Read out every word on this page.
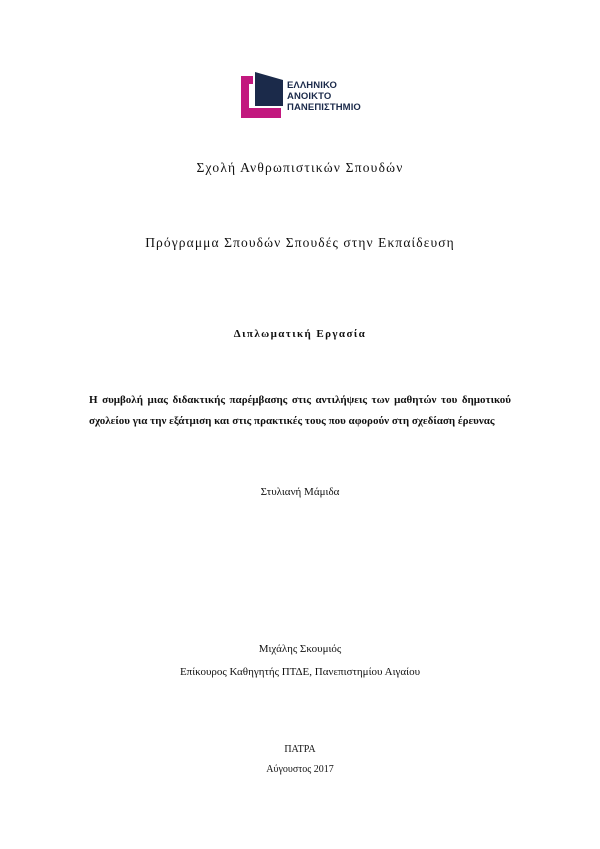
ΕΛΛΗΝΙΚΟ
ΑΝΟΙΚΤΟ
ΠΑΝΕΠΙΣΤΗΜΙΟ
Σχολή Ανθρωπιστικών Σπουδών
Πρόγραμμα Σπουδών Σπουδές στην Εκπαίδευση
Διπλωματική Εργασία
Η συμβολή μιας διδακτικής παρέμβασης στις αντιλήψεις των μαθητών του δημοτικού σχολείου για την εξάτμιση και στις πρακτικές τους που αφορούν στη σχεδίαση έρευνας
Στυλιανή Μάμιδα
Μιχάλης Σκουμιός
Επίκουρος Καθηγητής ΠΤΔΕ, Πανεπιστημίου Αιγαίου
ΠΑΤΡΑ
Αύγουστος 2017
